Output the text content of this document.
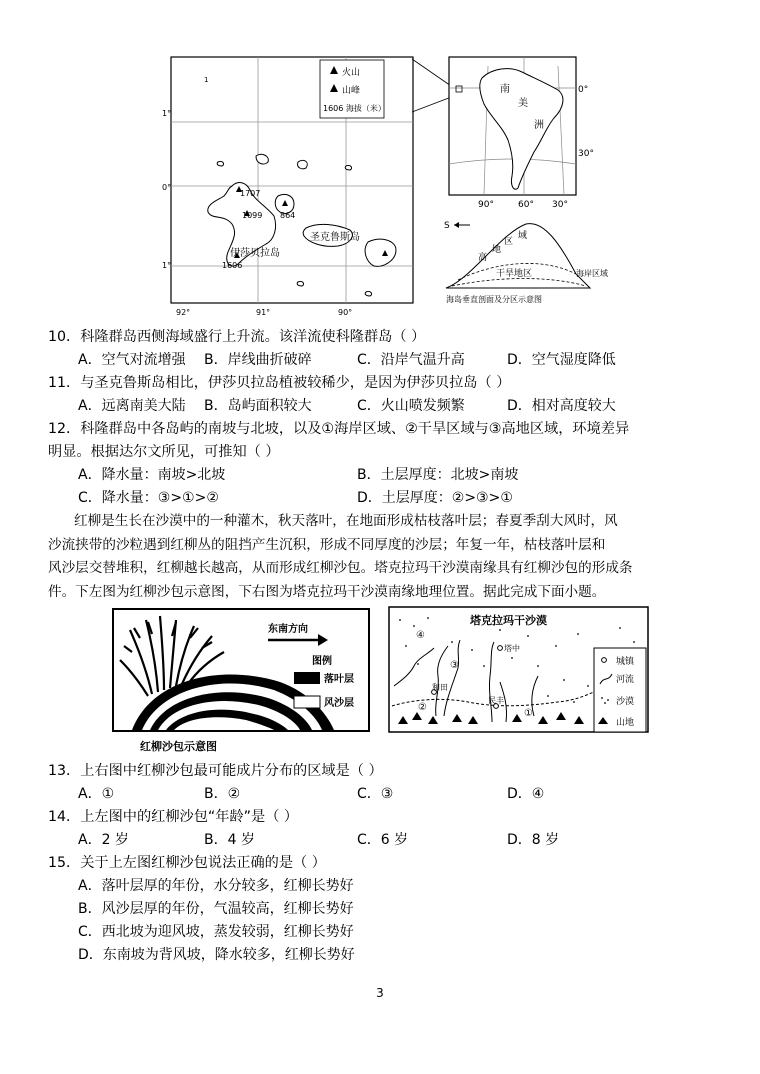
火山
山峰
1606 海拔（米）
1°
0°
1°
1
1707
1099 864
1606
伊莎贝拉岛
圣克鲁斯岛
92°	91°	90°
南
美
洲
0°
30°
90°	60° 30°
S
高
地
区
域
干旱地区	海岸区域
海岛垂直剖面及分区示意图
10．科隆群岛西侧海域盛行上升流。该洋流使科隆群岛（ ）
A．空气对流增强 B．岸线曲折破碎	C．沿岸气温升高	D．空气湿度降低
11．与圣克鲁斯岛相比，伊莎贝拉岛植被较稀少，是因为伊莎贝拉岛（ ）
A．远离南美大陆 B．岛屿面积较大	C．火山喷发频繁	D．相对高度较大
12．科隆群岛中各岛屿的南坡与北坡，以及①海岸区域、②干旱区域与③高地区域，环境差异
明显。根据达尔文所见，可推知（ ）
A．降水量：南坡>北坡	B．土层厚度：北坡>南坡
C．降水量：③>①>②	D．土层厚度：②>③>①
红柳是生长在沙漠中的一种灌木，秋天落叶，在地面形成枯枝落叶层；春夏季刮大风时，风
沙流挟带的沙粒遇到红柳丛的阻挡产生沉积，形成不同厚度的沙层；年复一年，枯枝落叶层和
风沙层交替堆积，红柳越长越高，从而形成红柳沙包。塔克拉玛干沙漠南缘具有红柳沙包的形成条
件。下左图为红柳沙包示意图，下右图为塔克拉玛干沙漠南缘地理位置。据此完成下面小题。
东南方向
图例
落叶层
风沙层
红柳沙包示意图
塔克拉玛干沙漠
④
③
②
①
和田
民丰
塔中
城镇
河流
沙漠
山地
13．上右图中红柳沙包最可能成片分布的区域是（ ）
A．①	B．②	C．③	D．④
14．上左图中的红柳沙包“年龄”是（ ）
A．2 岁	B．4 岁	C．6 岁	D．8 岁
15．关于上左图红柳沙包说法正确的是（ ）
A．落叶层厚的年份，水分较多，红柳长势好
B．风沙层厚的年份，气温较高，红柳长势好
C．西北坡为迎风坡，蒸发较弱，红柳长势好
D．东南坡为背风坡，降水较多，红柳长势好
3
